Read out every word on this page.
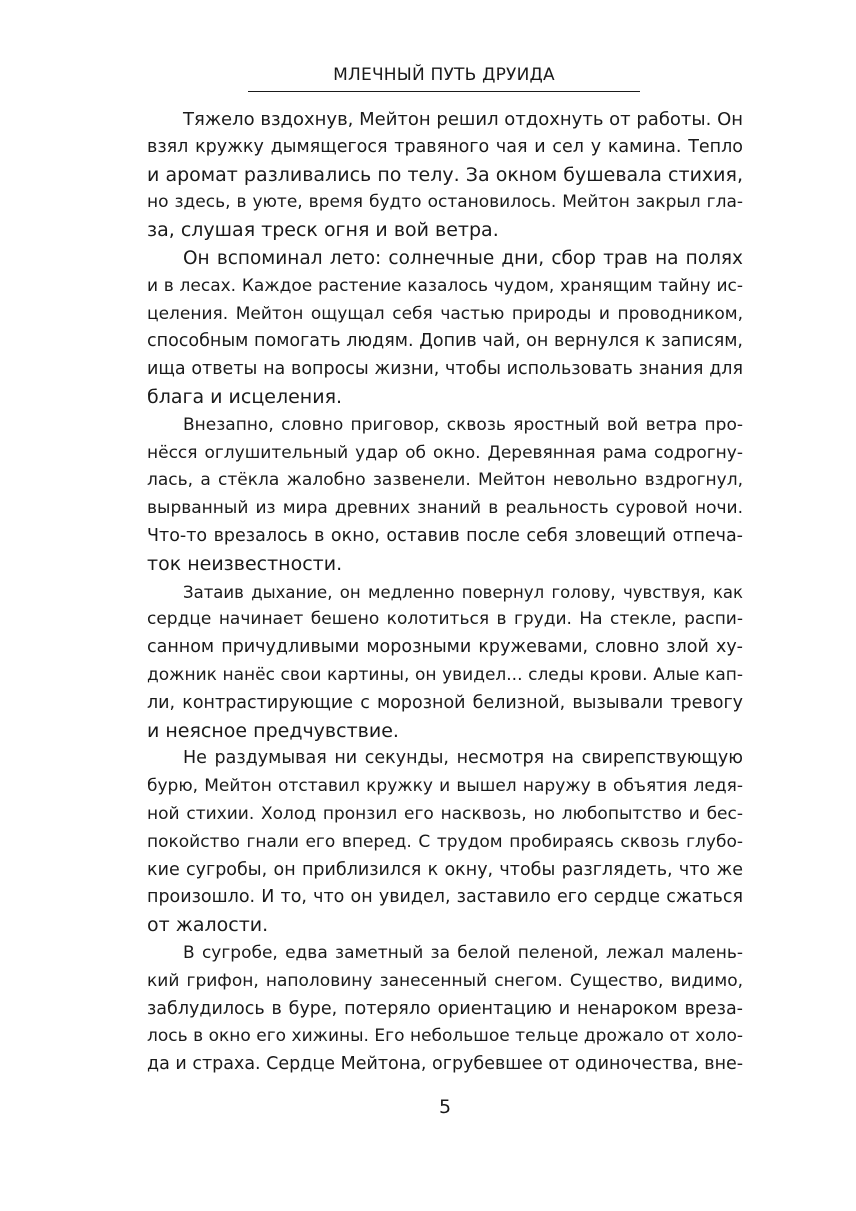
МЛЕЧНЫЙ ПУТЬ ДРУИДА
Тяжело вздохнув, Мейтон решил отдохнуть от работы. Он
взял кружку дымящегося травяного чая и сел у камина. Тепло
и аромат разливались по телу. За окном бушевала стихия,
но здесь, в уюте, время будто остановилось. Мейтон закрыл гла-
за, слушая треск огня и вой ветра.
Он вспоминал лето: солнечные дни, сбор трав на полях
и в лесах. Каждое растение казалось чудом, хранящим тайну ис-
целения. Мейтон ощущал себя частью природы и проводником,
способным помогать людям. Допив чай, он вернулся к записям,
ища ответы на вопросы жизни, чтобы использовать знания для
блага и исцеления.
Внезапно, словно приговор, сквозь яростный вой ветра про-
нёсся оглушительный удар об окно. Деревянная рама содрогну-
лась, а стёкла жалобно зазвенели. Мейтон невольно вздрогнул,
вырванный из мира древних знаний в реальность суровой ночи.
Что-то врезалось в окно, оставив после себя зловещий отпеча-
ток неизвестности.
Затаив дыхание, он медленно повернул голову, чувствуя, как
сердце начинает бешено колотиться в груди. На стекле, распи-
санном причудливыми морозными кружевами, словно злой ху-
дожник нанёс свои картины, он увидел... следы крови. Алые кап-
ли, контрастирующие с морозной белизной, вызывали тревогу
и неясное предчувствие.
Не раздумывая ни секунды, несмотря на свирепствующую
бурю, Мейтон отставил кружку и вышел наружу в объятия ледя-
ной стихии. Холод пронзил его насквозь, но любопытство и бес-
покойство гнали его вперед. С трудом пробираясь сквозь глубо-
кие сугробы, он приблизился к окну, чтобы разглядеть, что же
произошло. И то, что он увидел, заставило его сердце сжаться
от жалости.
В сугробе, едва заметный за белой пеленой, лежал малень-
кий грифон, наполовину занесенный снегом. Существо, видимо,
заблудилось в буре, потеряло ориентацию и ненароком вреза-
лось в окно его хижины. Его небольшое тельце дрожало от холо-
да и страха. Сердце Мейтона, огрубевшее от одиночества, вне-
5
